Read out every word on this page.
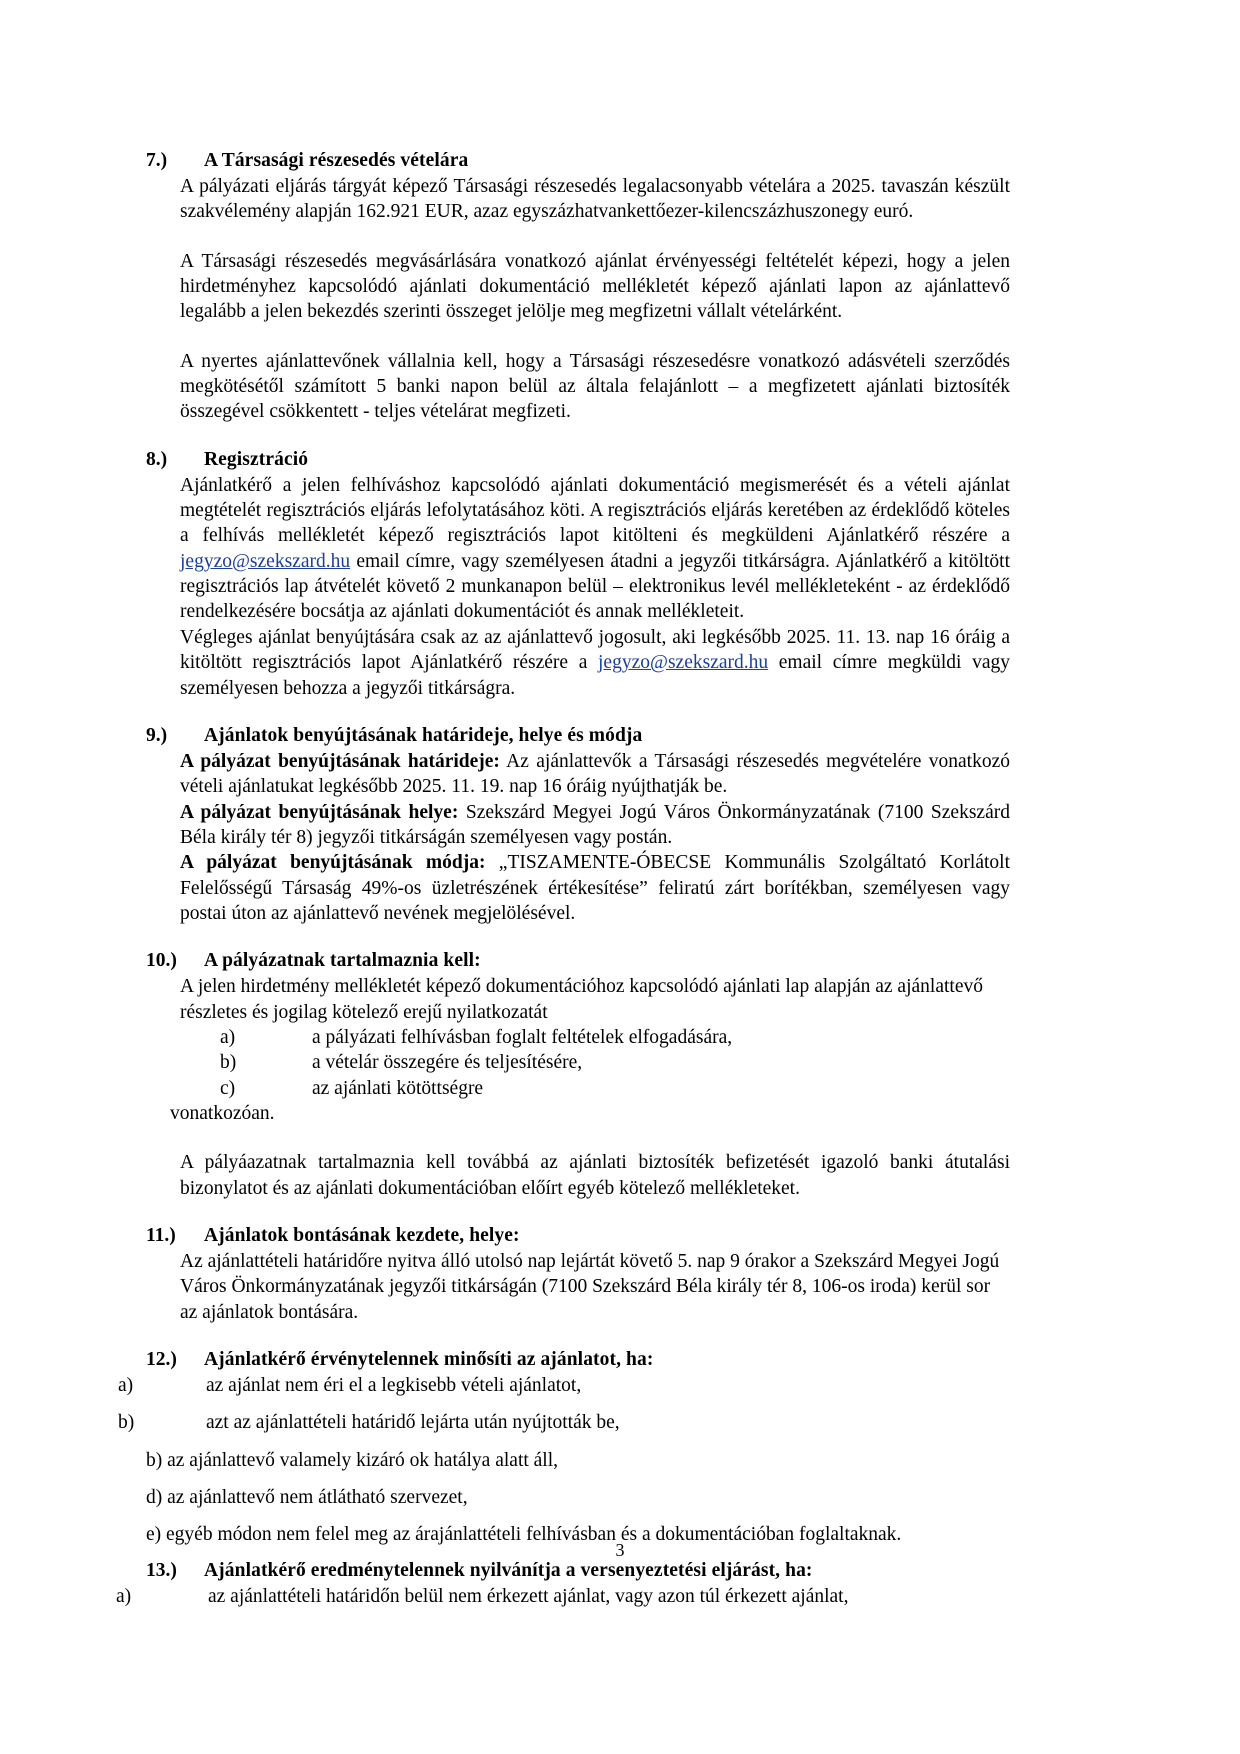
7.) A Társasági részesedés vételára

A pályázati eljárás tárgyát képező Társasági részesedés legalacsonyabb vételára a 2025. tavaszán készült szakvélemény alapján 162.921 EUR, azaz egyszázhatvankettőezer-kilencszázhuszonegy euró.

A Társasági részesedés megvásárlására vonatkozó ajánlat érvényességi feltételét képezi, hogy a jelen hirdetményhez kapcsolódó ajánlati dokumentáció mellékletét képező ajánlati lapon az ajánlattevő legalább a jelen bekezdés szerinti összeget jelölje meg megfizetni vállalt vételárként.

A nyertes ajánlattevőnek vállalnia kell, hogy a Társasági részesedésre vonatkozó adásvételi szerződés megkötésétől számított 5 banki napon belül az általa felajánlott – a megfizetett ajánlati biztosíték összegével csökkentett - teljes vételárat megfizeti.

8.) Regisztráció

Ajánlatkérő a jelen felhíváshoz kapcsolódó ajánlati dokumentáció megismerését és a vételi ajánlat megtételét regisztrációs eljárás lefolytatásához köti. A regisztrációs eljárás keretében az érdeklődő köteles a felhívás mellékletét képező regisztrációs lapot kitölteni és megküldeni Ajánlatkérő részére a jegyzo@szekszard.hu email címre, vagy személyesen átadni a jegyzői titkárságra. Ajánlatkérő a kitöltött regisztrációs lap átvételét követő 2 munkanapon belül – elektronikus levél mellékleteként - az érdeklődő rendelkezésére bocsátja az ajánlati dokumentációt és annak mellékleteit.

Végleges ajánlat benyújtására csak az az ajánlattevő jogosult, aki legkésőbb 2025. 11. 13. nap 16 óráig a kitöltött regisztrációs lapot Ajánlatkérő részére a jegyzo@szekszard.hu email címre megküldi vagy személyesen behozza a jegyzői titkárságra.

9.) Ajánlatok benyújtásának határideje, helye és módja

A pályázat benyújtásának határideje: Az ajánlattevők a Társasági részesedés megvételére vonatkozó vételi ajánlatukat legkésőbb 2025. 11. 19. nap 16 óráig nyújthatják be.

A pályázat benyújtásának helye: Szekszárd Megyei Jogú Város Önkormányzatának (7100 Szekszárd Béla király tér 8) jegyzői titkárságán személyesen vagy postán.

A pályázat benyújtásának módja: „TISZAMENTE-ÓBECSE Kommunális Szolgáltató Korlátolt Felelősségű Társaság 49%-os üzletrészének értékesítése” feliratú zárt borítékban, személyesen vagy postai úton az ajánlattevő nevének megjelölésével.

10.) A pályázatnak tartalmaznia kell:

A jelen hirdetmény mellékletét képező dokumentációhoz kapcsolódó ajánlati lap alapján az ajánlattevő részletes és jogilag kötelező erejű nyilatkozatát

a)	a pályázati felhívásban foglalt feltételek elfogadására,
b)	a vételár összegére és teljesítésére,
c)	az ajánlati kötöttségre

vonatkozóan.

A pályáazatnak tartalmaznia kell továbbá az ajánlati biztosíték befizetését igazoló banki átutalási bizonylatot és az ajánlati dokumentációban előírt egyéb kötelező mellékleteket.

11.) Ajánlatok bontásának kezdete, helye:

Az ajánlattételi határidőre nyitva álló utolsó nap lejártát követő 5. nap 9 órakor a Szekszárd Megyei Jogú Város Önkormányzatának jegyzői titkárságán (7100 Szekszárd Béla király tér 8, 106-os iroda) kerül sor az ajánlatok bontására.

12.) Ajánlatkérő érvénytelennek minősíti az ajánlatot, ha:
a)	az ajánlat nem éri el a legkisebb vételi ajánlatot,
b)	azt az ajánlattételi határidő lejárta után nyújtották be,
b) az ajánlattevő valamely kizáró ok hatálya alatt áll,
d) az ajánlattevő nem átlátható szervezet,
e) egyéb módon nem felel meg az árajánlattételi felhívásban és a dokumentációban foglaltaknak.
13.) Ajánlatkérő eredménytelennek nyilvánítja a versenyeztetési eljárást, ha:
a)	az ajánlattételi határidőn belül nem érkezett ajánlat, vagy azon túl érkezett ajánlat,
3
